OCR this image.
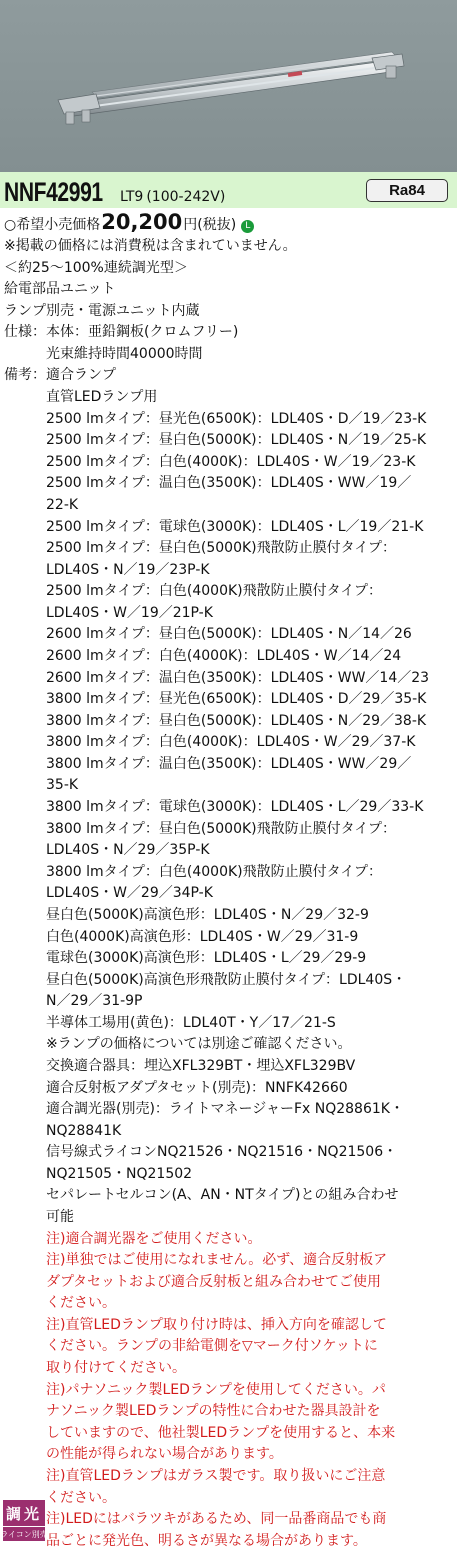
NNF42991 LT9 (100-242V)	Ra84
○希望小売価格 20,200 円(税抜) L
※掲載の価格には消費税は含まれていません。
＜約25～100%連続調光型＞
給電部品ユニット
ランプ別売・電源ユニット内蔵
仕様：本体：亜鉛鋼板(クロムフリー)
光束維持時間40000時間
備考：適合ランプ
直管LEDランプ用
2500 lmタイプ：昼光色(6500K)：LDL40S・D／19／23-K
2500 lmタイプ：昼白色(5000K)：LDL40S・N／19／25-K
2500 lmタイプ：白色(4000K)：LDL40S・W／19／23-K
2500 lmタイプ：温白色(3500K)：LDL40S・WW／19／
22-K
2500 lmタイプ：電球色(3000K)：LDL40S・L／19／21-K
2500 lmタイプ：昼白色(5000K)飛散防止膜付タイプ：
LDL40S・N／19／23P-K
2500 lmタイプ：白色(4000K)飛散防止膜付タイプ：
LDL40S・W／19／21P-K
2600 lmタイプ：昼白色(5000K)：LDL40S・N／14／26
2600 lmタイプ：白色(4000K)：LDL40S・W／14／24
2600 lmタイプ：温白色(3500K)：LDL40S・WW／14／23
3800 lmタイプ：昼光色(6500K)：LDL40S・D／29／35-K
3800 lmタイプ：昼白色(5000K)：LDL40S・N／29／38-K
3800 lmタイプ：白色(4000K)：LDL40S・W／29／37-K
3800 lmタイプ：温白色(3500K)：LDL40S・WW／29／
35-K
3800 lmタイプ：電球色(3000K)：LDL40S・L／29／33-K
3800 lmタイプ：昼白色(5000K)飛散防止膜付タイプ：
LDL40S・N／29／35P-K
3800 lmタイプ：白色(4000K)飛散防止膜付タイプ：
LDL40S・W／29／34P-K
昼白色(5000K)高演色形：LDL40S・N／29／32-9
白色(4000K)高演色形：LDL40S・W／29／31-9
電球色(3000K)高演色形：LDL40S・L／29／29-9
昼白色(5000K)高演色形飛散防止膜付タイプ：LDL40S・
N／29／31-9P
半導体工場用(黄色)：LDL40T・Y／17／21-S
※ランプの価格については別途ご確認ください。
交換適合器具：埋込XFL329BT・埋込XFL329BV
適合反射板アダプタセット(別売)：NNFK42660
適合調光器(別売)：ライトマネージャーFx NQ28861K・
NQ28841K
信号線式ライコンNQ21526・NQ21516・NQ21506・
NQ21505・NQ21502
セパレートセルコン(A、AN・NTタイプ)との組み合わせ
可能
注)適合調光器をご使用ください。
注)単独ではご使用になれません。必ず、適合反射板ア
ダプタセットおよび適合反射板と組み合わせてご使用
ください。
注)直管LEDランプ取り付け時は、挿入方向を確認して
ください。ランプの非給電側を▽マーク付ソケットに
取り付けてください。
注)パナソニック製LEDランプを使用してください。パ
ナソニック製LEDランプの特性に合わせた器具設計を
していますので、他社製LEDランプを使用すると、本来
の性能が得られない場合があります。
注)直管LEDランプはガラス製です。取り扱いにご注意
ください。
注)LEDにはバラツキがあるため、同一品番商品でも商
品ごとに発光色、明るさが異なる場合があります。
調光
ライコン別売
